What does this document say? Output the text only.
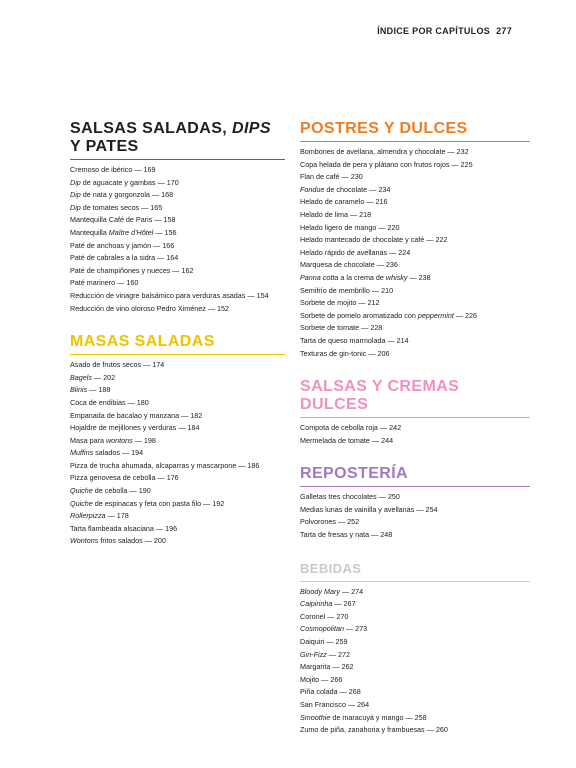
ÍNDICE POR CAPÍTULOS 277
SALSAS SALADAS, DIPS Y PATES
Cremoso de ibérico — 169
Dip de aguacate y gambas — 170
Dip de nata y gorgonzola — 168
Dip de tomates secos — 165
Mantequilla Café de Paris — 158
Mantequilla Maître d'Hôtel — 156
Paté de anchoas y jamón — 166
Paté de cabrales a la sidra — 164
Paté de champiñones y nueces — 162
Paté marinero — 160
Reducción de vinagre balsámico para verduras asadas — 154
Reducción de vino oloroso Pedro Ximénez — 152
MASAS SALADAS
Asado de frutos secos — 174
Bagels — 202
Blinis — 188
Coca de endibias — 180
Empanada de bacalao y manzana — 182
Hojaldre de mejillones y verduras — 184
Masa para wontons — 198
Muffins salados — 194
Pizza de trucha ahumada, alcaparras y mascarpone — 186
Pizza genovesa de cebolla — 176
Quiche de cebolla — 190
Quiche de espinacas y feta con pasta filo — 192
Rollerpizza — 178
Tarta flambeada alsaciana — 196
Wontons fritos salados — 200
POSTRES Y DULCES
Bombones de avellana, almendra y chocolate — 232
Copa helada de pera y plátano con frutos rojos — 225
Flan de café — 230
Fondue de chocolate — 234
Helado de caramelo — 216
Helado de lima — 218
Helado ligero de mango — 220
Helado mantecado de chocolate y café — 222
Helado rápido de avellanas — 224
Marquesa de chocolate — 236
Panna cotta a la crema de whisky — 238
Semifrío de membrillo — 210
Sorbete de mojito — 212
Sorbete de pomelo aromatizado con peppermint — 226
Sorbete de tomate — 228
Tarta de queso marmolada — 214
Texturas de gin-tonic — 206
SALSAS Y CREMAS DULCES
Compota de cebolla roja — 242
Mermelada de tomate — 244
REPOSTERÍA
Galletas tres chocolates — 250
Medias lunas de vainilla y avellanas — 254
Polvorones — 252
Tarta de fresas y nata — 248
BEBIDAS
Bloody Mary — 274
Caipirinha — 267
Coronel — 270
Cosmopolitan — 273
Daiquiri — 259
Gin-Fizz — 272
Margarita — 262
Mojito — 266
Piña colada — 268
San Francisco — 264
Smoothie de maracuyá y mango — 258
Zumo de piña, zanahoria y frambuesas — 260
